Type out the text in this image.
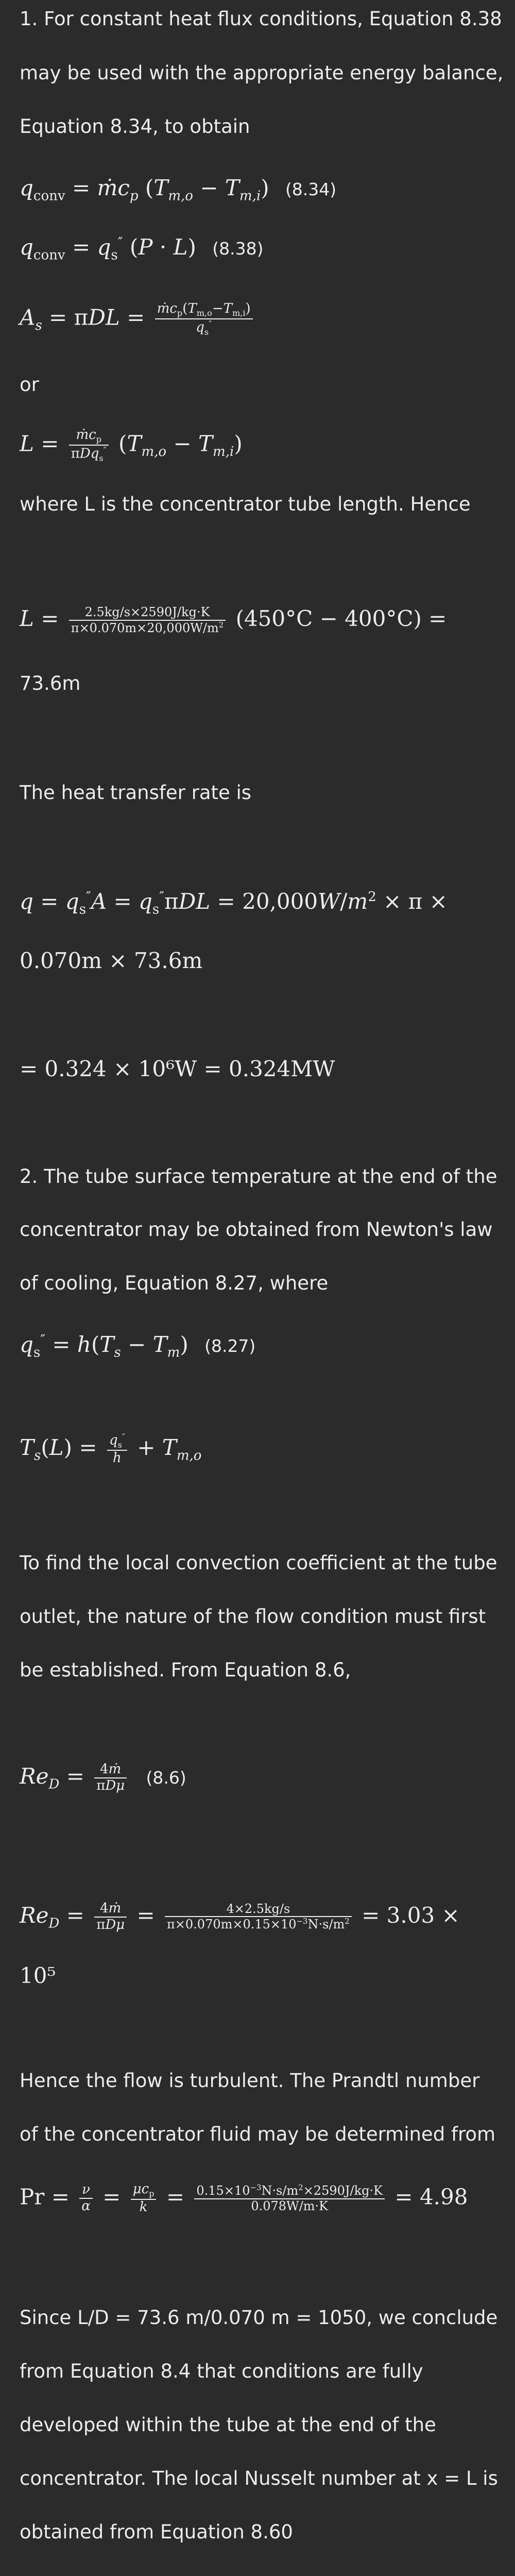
1. For constant heat flux conditions, Equation 8.38
may be used with the appropriate energy balance,
Equation 8.34, to obtain
$q_{conv}$ = ṁc$_p$ $(T_{m,o} - T_{m,i})$ (8.34)
$q_{conv} = q_s''$ (P · L) (8.38)
$A_s = \pi DL = \frac{ṁc_p(T_{m,o}-T_{m,i})}{q_s''}$
or
$L = \frac{ṁc_p}{\pi Dq_s''} (T_{m,o} - T_{m,i})$
where L is the concentrator tube length. Hence
$L = \frac{2.5kg/s\times 2590J/kg\cdot K}{\pi\times 0.070m\times 20,000W/m^2} (450^\circ C - 400^\circ C)$ =
73.6m
The heat transfer rate is
$q = q_s''A = q_s''\pi DL = 20,000W/m^2 \times \pi$ ×
0.070m × 73.6m
= 0.324 × 10⁶W = 0.324MW
2. The tube surface temperature at the end of the
concentrator may be obtained from Newton's law
of cooling, Equation 8.27, where
$q_s'' = h(T_s - T_m)$ (8.27)
$T_s(L) = \frac{q_s''}{h} + T_{m,o}$
To find the local convection coefficient at the tube
outlet, the nature of the flow condition must first
be established. From Equation 8.6,
$Re_D = \frac{\text{4ṁ}}{\text{πDμ}} (8.6)$
$Re_D = \frac{\text{4ṁ}}{\text{πDμ}} = \frac{4\times 2.5kg/s}{\pi\times 0.070m\times 0.15\times 10^{-3}N\cdot s/m^2} = 3.03$ ×
10⁵
Hence the flow is turbulent. The Prandtl number
of the concentrator fluid may be determined from
$Pr = \frac{\nu}{\alpha} = \frac{\mu c_p}{k} = \frac{0.15\times 10^{-3}N\cdot s/m^2\times 2590J/kg\cdot K}{0.078W/m\cdot K} = 4.98$
Since L/D = 73.6 m/0.070 m = 1050, we conclude
from Equation 8.4 that conditions are fully
developed within the tube at the end of the
concentrator. The local Nusselt number at x = L is
obtained from Equation 8.60
